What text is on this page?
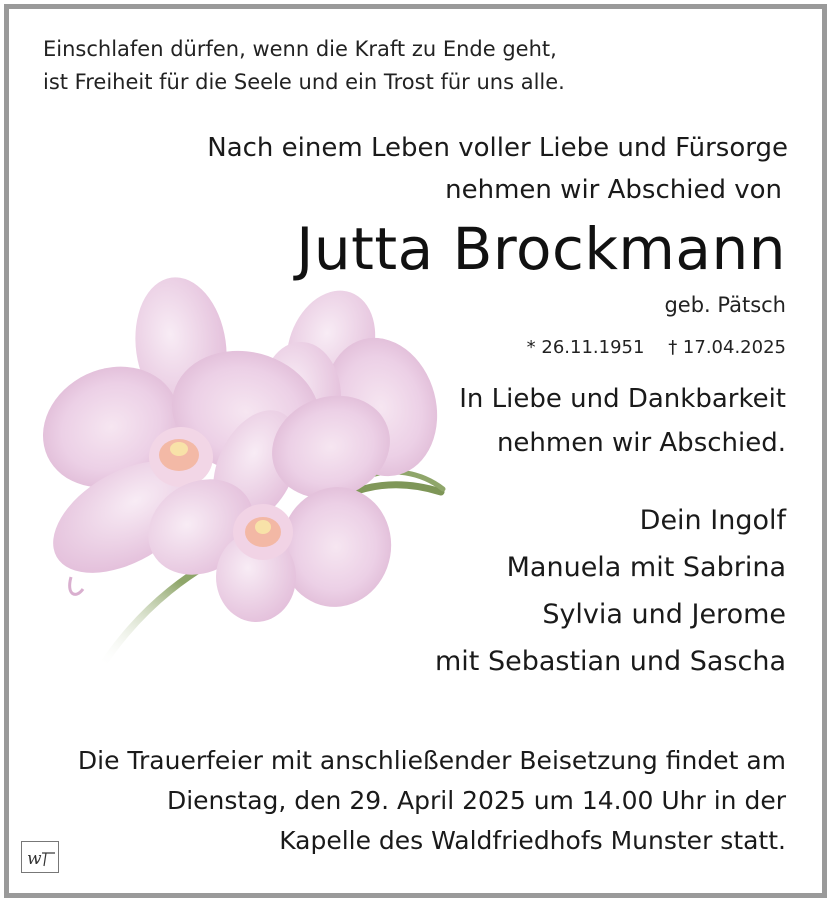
Einschlafen dürfen, wenn die Kraft zu Ende geht,
ist Freiheit für die Seele und ein Trost für uns alle.
Nach einem Leben voller Liebe und Fürsorge
nehmen wir Abschied von
Jutta Brockmann
geb. Pätsch
* 26.11.1951 † 17.04.2025
In Liebe und Dankbarkeit
nehmen wir Abschied.
Dein Ingolf
Manuela mit Sabrina
Sylvia und Jerome
mit Sebastian und Sascha
Die Trauerfeier mit anschließender Beisetzung findet am
Dienstag, den 29. April 2025 um 14.00 Uhr in der
Kapelle des Waldfriedhofs Munster statt.
w
